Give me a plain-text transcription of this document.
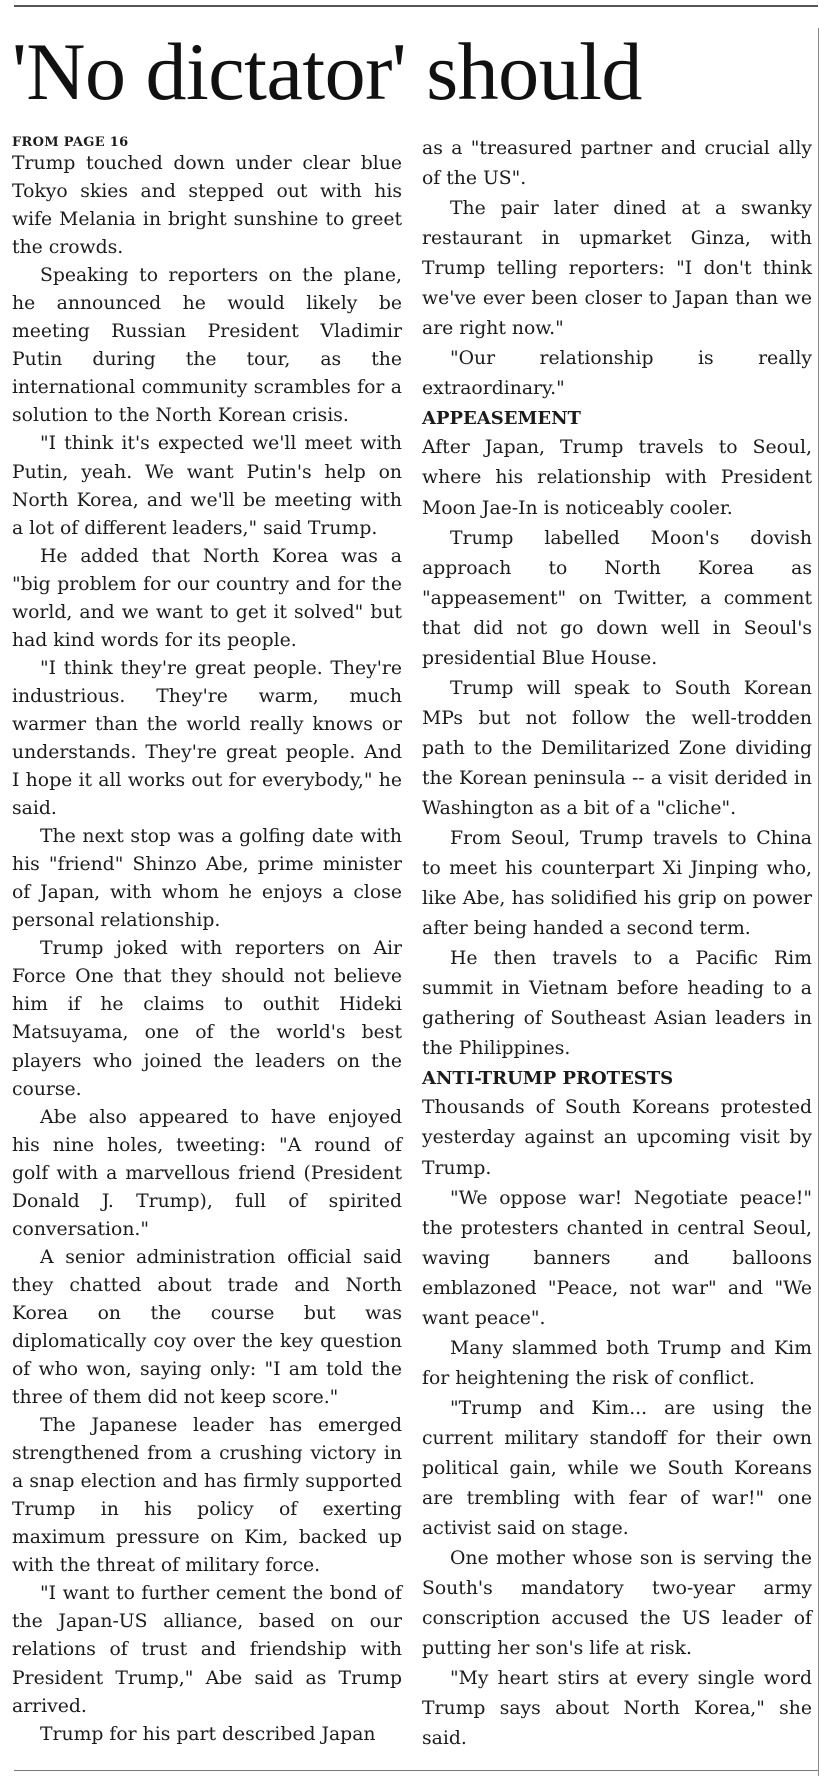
'No dictator' should
FROM PAGE 16

Trump touched down under clear blue Tokyo skies and stepped out with his wife Melania in bright sunshine to greet the crowds.

Speaking to reporters on the plane, he announced he would likely be meeting Russian President Vladimir Putin during the tour, as the international community scrambles for a solution to the North Korean crisis.

"I think it's expected we'll meet with Putin, yeah. We want Putin's help on North Korea, and we'll be meeting with a lot of different leaders," said Trump.

He added that North Korea was a "big problem for our country and for the world, and we want to get it solved" but had kind words for its people.

"I think they're great people. They're industrious. They're warm, much warmer than the world really knows or understands. They're great people. And I hope it all works out for everybody," he said.

The next stop was a golfing date with his "friend" Shinzo Abe, prime minister of Japan, with whom he enjoys a close personal relationship.

Trump joked with reporters on Air Force One that they should not believe him if he claims to outhit Hideki Matsuyama, one of the world's best players who joined the leaders on the course.

Abe also appeared to have enjoyed his nine holes, tweeting: "A round of golf with a marvellous friend (President Donald J. Trump), full of spirited conversation."

A senior administration official said they chatted about trade and North Korea on the course but was diplomatically coy over the key question of who won, saying only: "I am told the three of them did not keep score."

The Japanese leader has emerged strengthened from a crushing victory in a snap election and has firmly supported Trump in his policy of exerting maximum pressure on Kim, backed up with the threat of military force.

"I want to further cement the bond of the Japan-US alliance, based on our relations of trust and friendship with President Trump," Abe said as Trump arrived.

Trump for his part described Japan

as a "treasured partner and crucial ally of the US".

The pair later dined at a swanky restaurant in upmarket Ginza, with Trump telling reporters: "I don't think we've ever been closer to Japan than we are right now."

"Our relationship is really extraordinary."

APPEASEMENT

After Japan, Trump travels to Seoul, where his relationship with President Moon Jae-In is noticeably cooler.

Trump labelled Moon's dovish approach to North Korea as "appeasement" on Twitter, a comment that did not go down well in Seoul's presidential Blue House.

Trump will speak to South Korean MPs but not follow the well-trodden path to the Demilitarized Zone dividing the Korean peninsula -- a visit derided in Washington as a bit of a "cliche".

From Seoul, Trump travels to China to meet his counterpart Xi Jinping who, like Abe, has solidified his grip on power after being handed a second term.

He then travels to a Pacific Rim summit in Vietnam before heading to a gathering of Southeast Asian leaders in the Philippines.

ANTI-TRUMP PROTESTS

Thousands of South Koreans protested yesterday against an upcoming visit by Trump.

"We oppose war! Negotiate peace!" the protesters chanted in central Seoul, waving banners and balloons emblazoned "Peace, not war" and "We want peace".

Many slammed both Trump and Kim for heightening the risk of conflict.

"Trump and Kim... are using the current military standoff for their own political gain, while we South Koreans are trembling with fear of war!" one activist said on stage.

One mother whose son is serving the South's mandatory two-year army conscription accused the US leader of putting her son's life at risk.

"My heart stirs at every single word Trump says about North Korea," she said.
